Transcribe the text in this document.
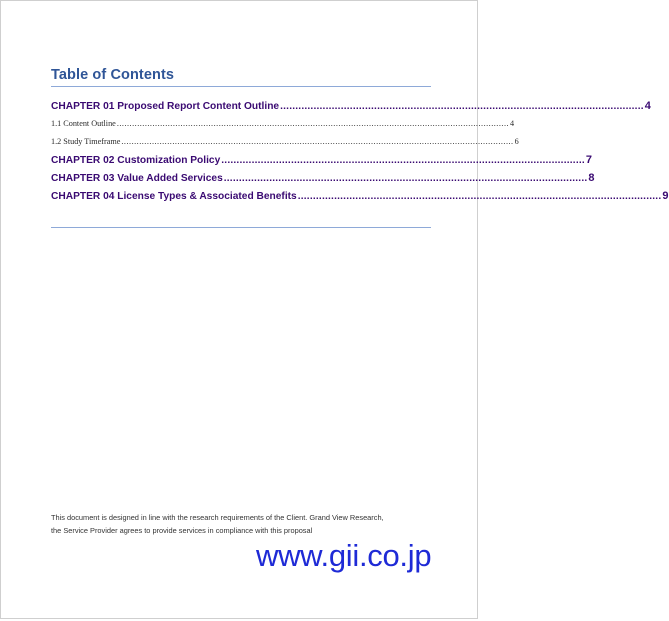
Table of Contents
CHAPTER 01 Proposed Report Content Outline ........................................................................................................................ 4
1.1 Content Outline .......................................................................................................................................................... 4
1.2 Study Timeframe .......................................................................................................................................................... 6
CHAPTER 02 Customization Policy ........................................................................................................................ 7
CHAPTER 03 Value Added Services ........................................................................................................................ 8
CHAPTER 04 License Types & Associated Benefits ........................................................................................................................ 9
This document is designed in line with the research requirements of the Client. Grand View Research,
the Service Provider agrees to provide services in compliance with this proposal
www.gii.co.jp
